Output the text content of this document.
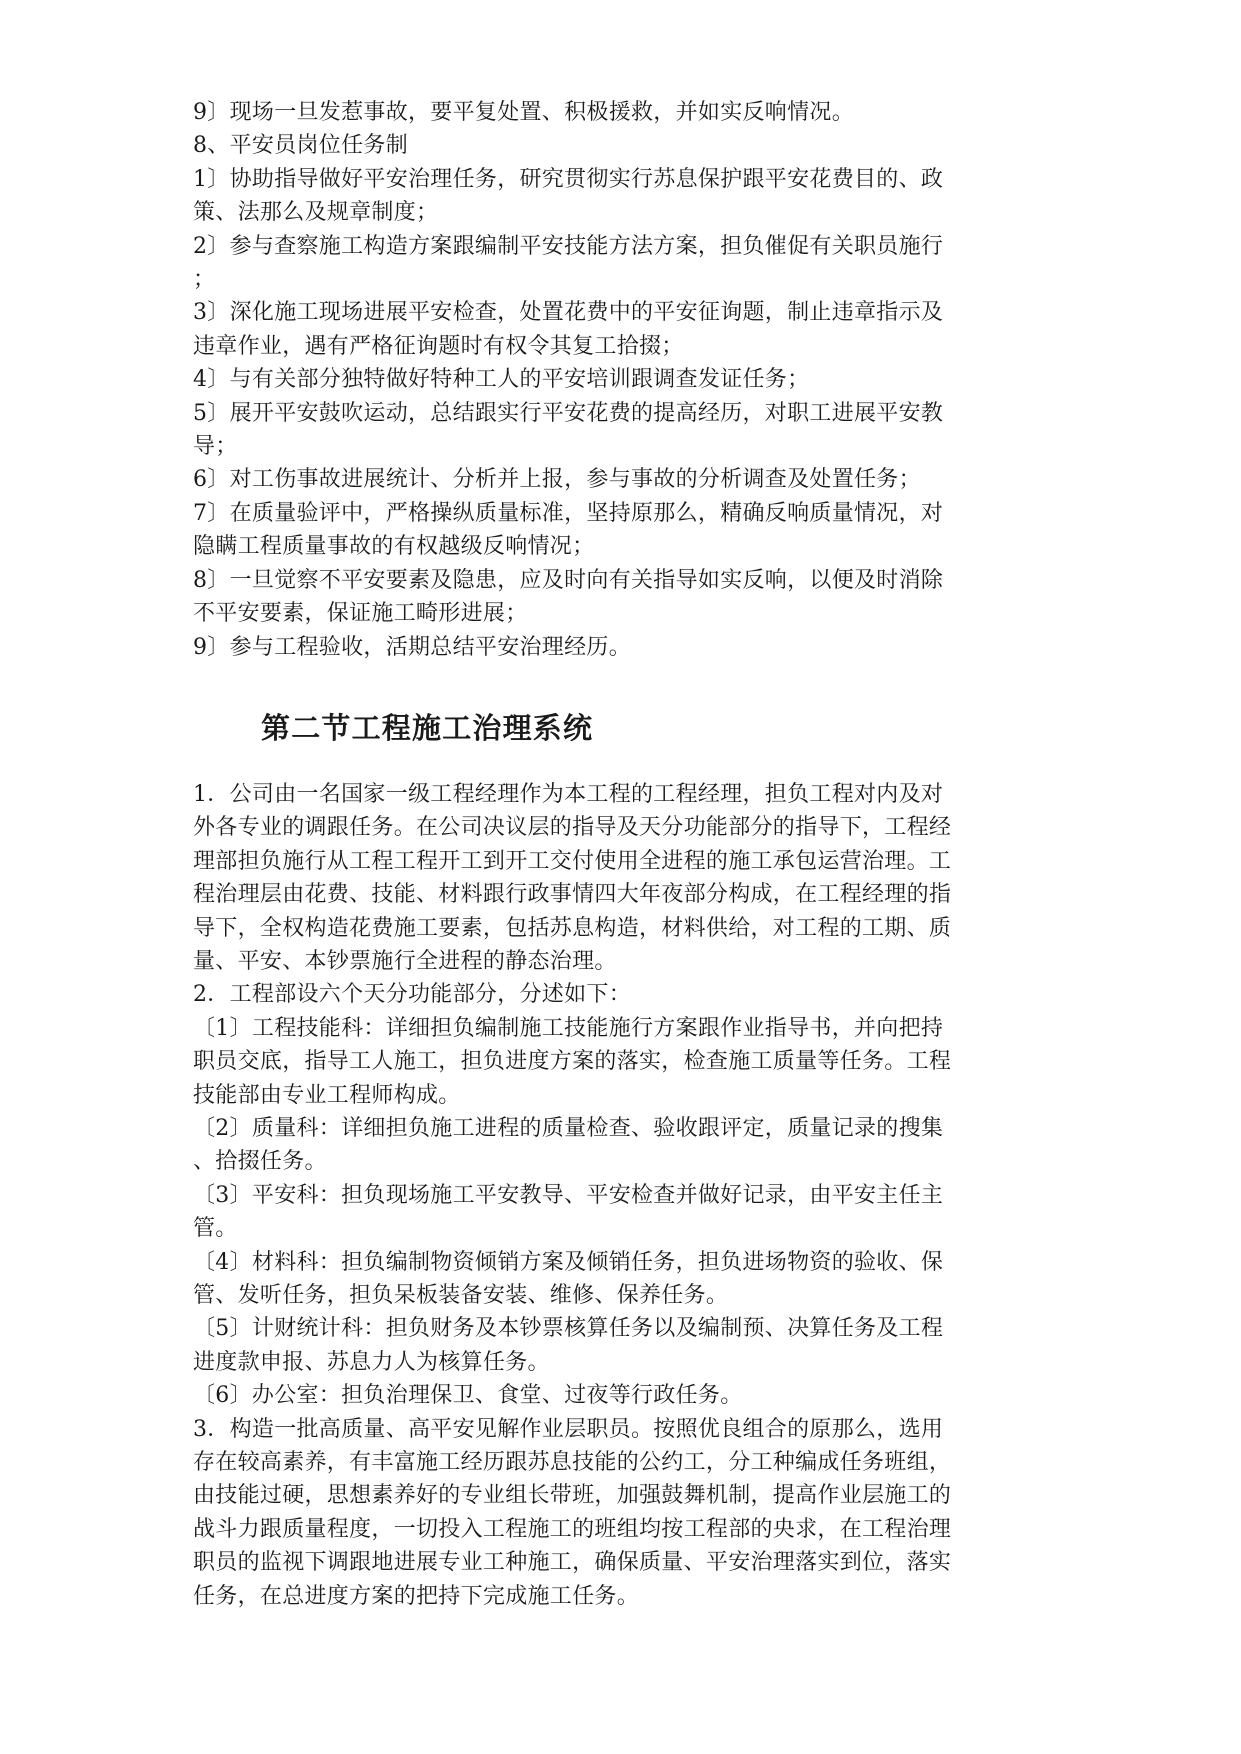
9〕现场一旦发惹事故，要平复处置、积极援救，并如实反响情况。
8、平安员岗位任务制
1〕协助指导做好平安治理任务，研究贯彻实行苏息保护跟平安花费目的、政
策、法那么及规章制度；
2〕参与查察施工构造方案跟编制平安技能方法方案，担负催促有关职员施行
；
3〕深化施工现场进展平安检查，处置花费中的平安征询题，制止违章指示及
违章作业，遇有严格征询题时有权令其复工拾掇；
4〕与有关部分独特做好特种工人的平安培训跟调查发证任务；
5〕展开平安鼓吹运动，总结跟实行平安花费的提高经历，对职工进展平安教
导；
6〕对工伤事故进展统计、分析并上报，参与事故的分析调查及处置任务；
7〕在质量验评中，严格操纵质量标准，坚持原那么，精确反响质量情况，对
隐瞒工程质量事故的有权越级反响情况；
8〕一旦觉察不平安要素及隐患，应及时向有关指导如实反响，以便及时消除
不平安要素，保证施工畸形进展；
9〕参与工程验收，活期总结平安治理经历。
第二节工程施工治理系统
1．公司由一名国家一级工程经理作为本工程的工程经理，担负工程对内及对
外各专业的调跟任务。在公司决议层的指导及天分功能部分的指导下，工程经
理部担负施行从工程工程开工到开工交付使用全进程的施工承包运营治理。工
程治理层由花费、技能、材料跟行政事情四大年夜部分构成，在工程经理的指
导下，全权构造花费施工要素，包括苏息构造，材料供给，对工程的工期、质
量、平安、本钞票施行全进程的静态治理。
2．工程部设六个天分功能部分，分述如下：
〔1〕工程技能科：详细担负编制施工技能施行方案跟作业指导书，并向把持
职员交底，指导工人施工，担负进度方案的落实，检查施工质量等任务。工程
技能部由专业工程师构成。
〔2〕质量科：详细担负施工进程的质量检查、验收跟评定，质量记录的搜集
、拾掇任务。
〔3〕平安科：担负现场施工平安教导、平安检查并做好记录，由平安主任主
管。
〔4〕材料科：担负编制物资倾销方案及倾销任务，担负进场物资的验收、保
管、发听任务，担负呆板装备安装、维修、保养任务。
〔5〕计财统计科：担负财务及本钞票核算任务以及编制预、决算任务及工程
进度款申报、苏息力人为核算任务。
〔6〕办公室：担负治理保卫、食堂、过夜等行政任务。
3．构造一批高质量、高平安见解作业层职员。按照优良组合的原那么，选用
存在较高素养，有丰富施工经历跟苏息技能的公约工，分工种编成任务班组，
由技能过硬，思想素养好的专业组长带班，加强鼓舞机制，提高作业层施工的
战斗力跟质量程度，一切投入工程施工的班组均按工程部的央求，在工程治理
职员的监视下调跟地进展专业工种施工，确保质量、平安治理落实到位，落实
任务，在总进度方案的把持下完成施工任务。
